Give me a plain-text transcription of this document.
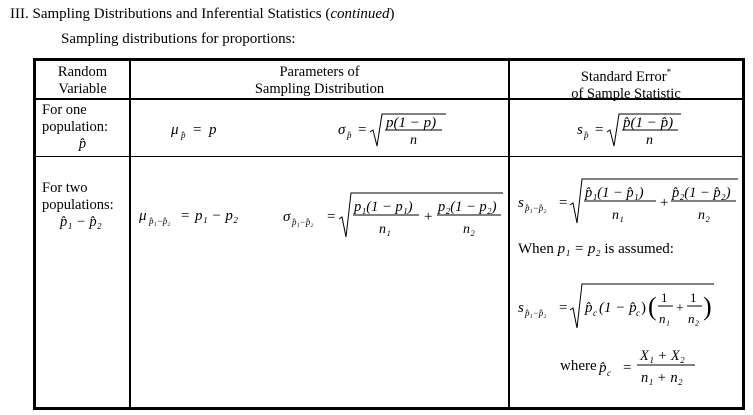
III. Sampling Distributions and Inferential Statistics (continued)
Sampling distributions for proportions:
Random
Variable
Parameters of
Sampling Distribution
Standard Error*
of Sample Statistic
For one
population:
p̂
μ p̂ = p	σ p̂ = p(1 − p)
n
s p̂ = p̂(1 − p̂)
n
For two
populations:
p̂₁ − p̂₂ μ p̂₁−p̂₂ = p₁ − p₂	σ p̂₁−p̂₂ =
p₁(1 − p₁)
n₁
+
p₂(1 − p₂)
n₂
s p̂₁−p̂₂ =
p̂₁(1 − p̂₁)
n₁
+
p̂₂(1 − p̂₂)
n₂
When p₁ = p₂ is assumed:
s p̂₁−p̂₂ = p̂ c (1 − p̂ c ) ( 1
n₁
+
1
n₂ )
where p̂ c =
X₁ + X₂
n₁ + n₂
